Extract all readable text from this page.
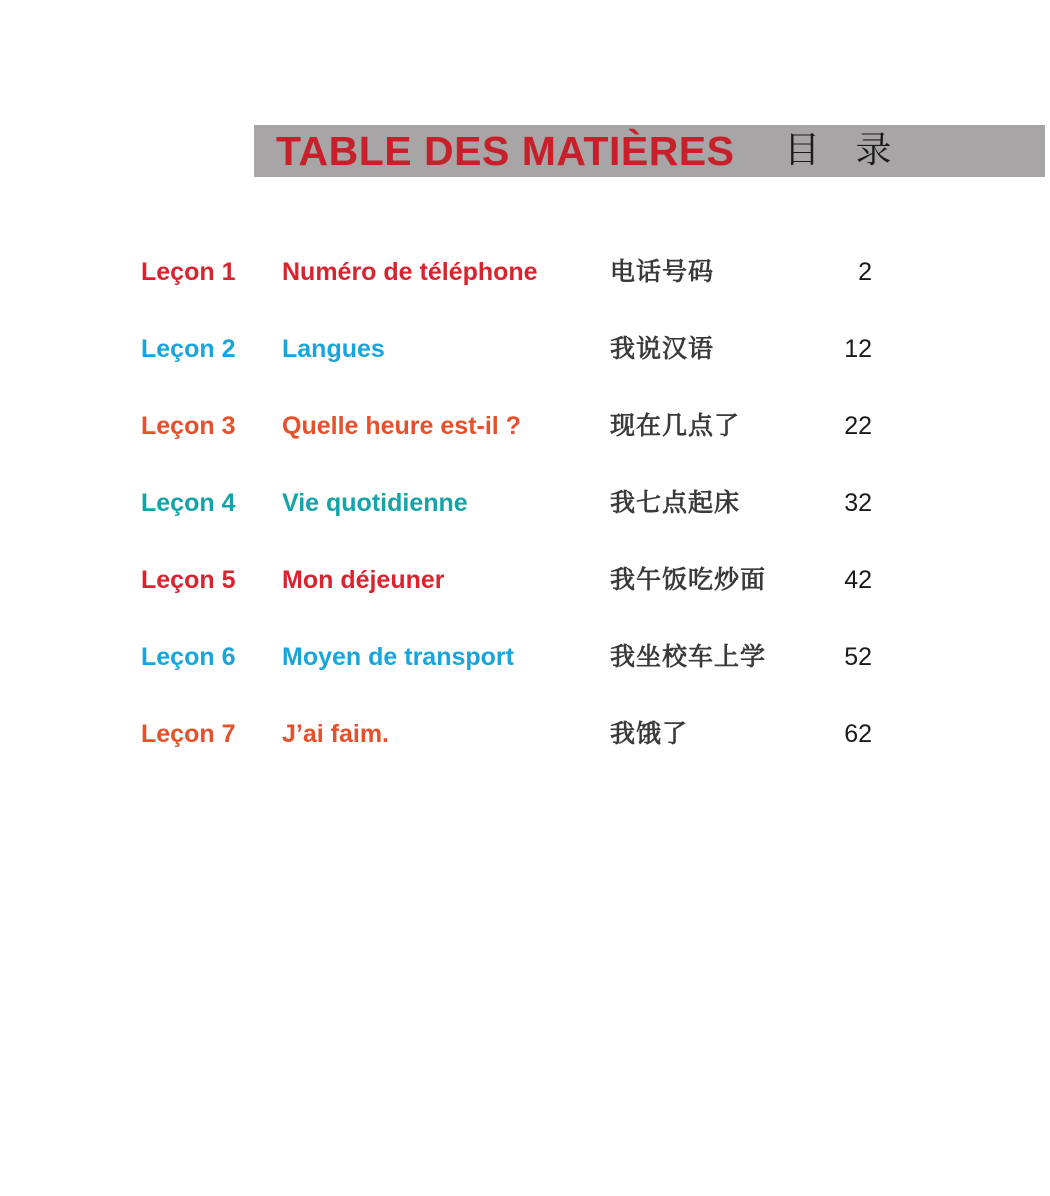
TABLE DES MATIÈRES 目 录
Leçon 1 Numéro de téléphone	电话号码	2
Leçon 2 Langues	我说汉语	12
Leçon 3 Quelle heure est-il ?	现在几点了	22
Leçon 4 Vie quotidienne	我七点起床	32
Leçon 5 Mon déjeuner	我午饭吃炒面	42
Leçon 6 Moyen de transport	我坐校车上学	52
Leçon 7 J’ai faim.	我饿了	62
